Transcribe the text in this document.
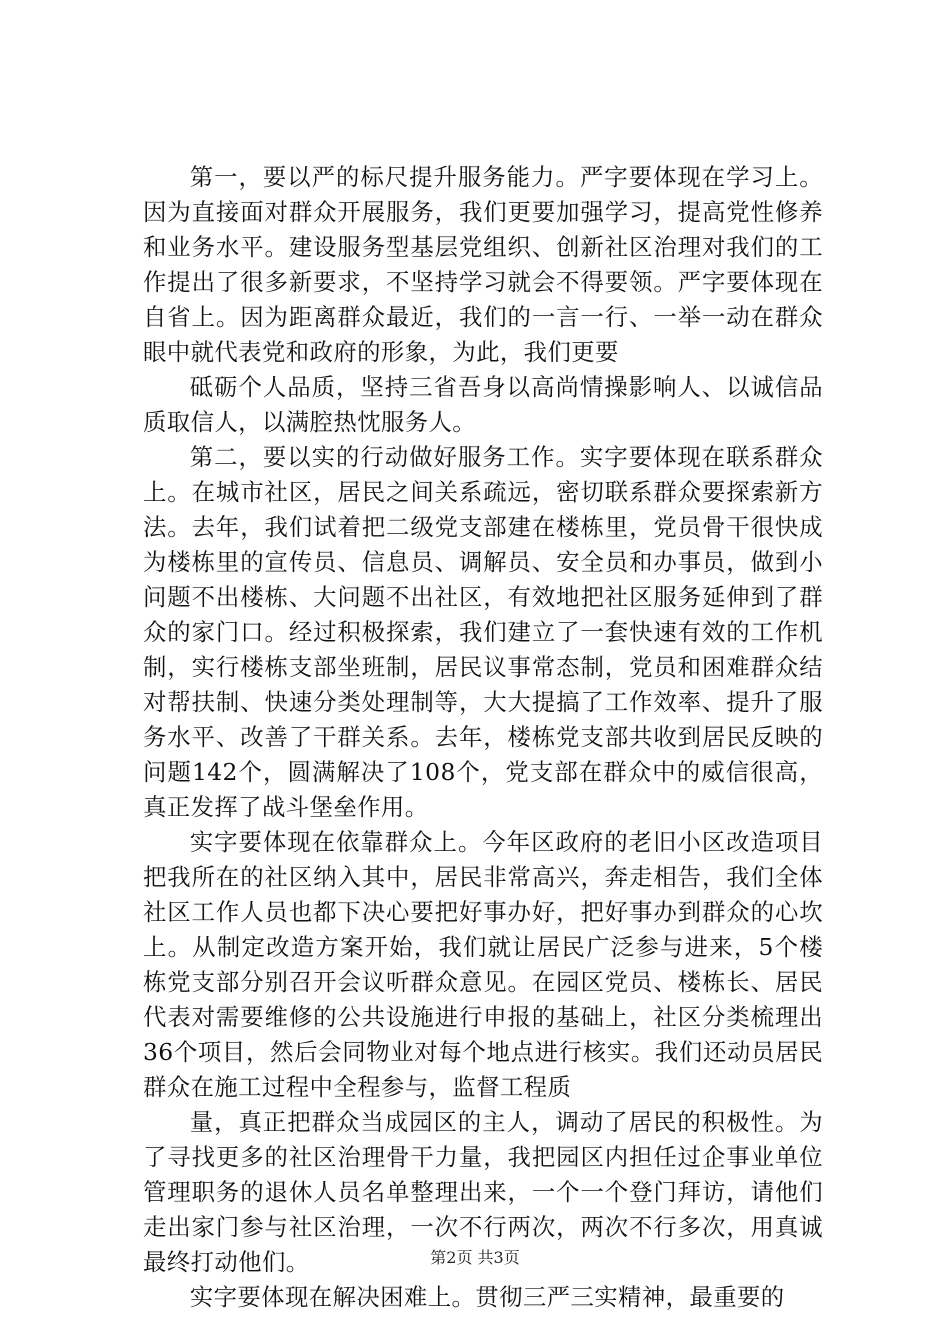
第一，要以严的标尺提升服务能力。严字要体现在学习上。因为直接面对群众开展服务，我们更要加强学习，提高党性修养和业务水平。建设服务型基层党组织、创新社区治理对我们的工作提出了很多新要求，不坚持学习就会不得要领。严字要体现在自省上。因为距离群众最近，我们的一言一行、一举一动在群众眼中就代表党和政府的形象，为此，我们更要

砥砺个人品质，坚持三省吾身以高尚情操影响人、以诚信品质取信人，以满腔热忱服务人。

第二，要以实的行动做好服务工作。实字要体现在联系群众上。在城市社区，居民之间关系疏远，密切联系群众要探索新方法。去年，我们试着把二级党支部建在楼栋里，党员骨干很快成为楼栋里的宣传员、信息员、调解员、安全员和办事员，做到小问题不出楼栋、大问题不出社区，有效地把社区服务延伸到了群众的家门口。经过积极探索，我们建立了一套快速有效的工作机制，实行楼栋支部坐班制，居民议事常态制，党员和困难群众结对帮扶制、快速分类处理制等，大大提搞了工作效率、提升了服务水平、改善了干群关系。去年，楼栋党支部共收到居民反映的问题142个，圆满解决了108个，党支部在群众中的威信很高，真正发挥了战斗堡垒作用。

实字要体现在依靠群众上。今年区政府的老旧小区改造项目把我所在的社区纳入其中，居民非常高兴，奔走相告，我们全体社区工作人员也都下决心要把好事办好，把好事办到群众的心坎上。从制定改造方案开始，我们就让居民广泛参与进来，5个楼栋党支部分别召开会议听群众意见。在园区党员、楼栋长、居民代表对需要维修的公共设施进行申报的基础上，社区分类梳理出36个项目，然后会同物业对每个地点进行核实。我们还动员居民群众在施工过程中全程参与，监督工程质

量，真正把群众当成园区的主人，调动了居民的积极性。为了寻找更多的社区治理骨干力量，我把园区内担任过企事业单位管理职务的退休人员名单整理出来，一个一个登门拜访，请他们走出家门参与社区治理，一次不行两次，两次不行多次，用真诚最终打动他们。

实字要体现在解决困难上。贯彻三严三实精神，最重要的

第2页 共3页
